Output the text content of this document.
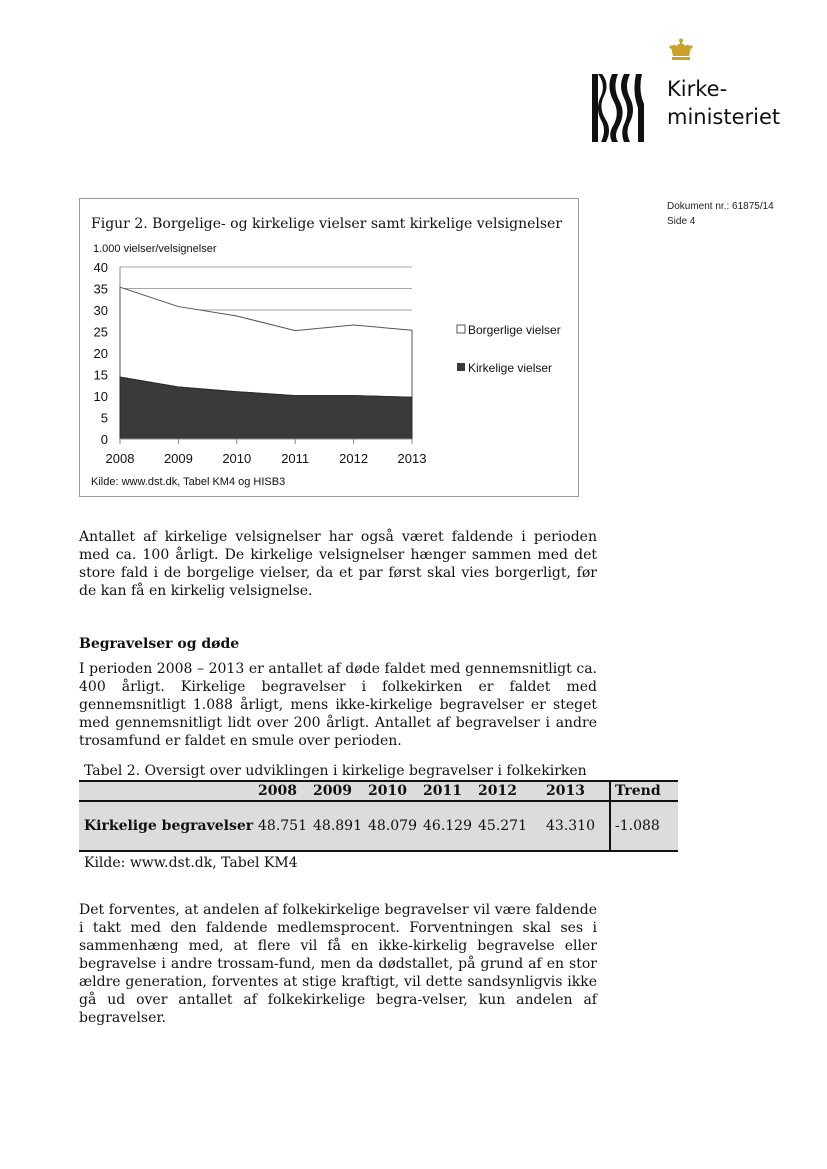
Kirke-
ministeriet
Dokument nr.: 61875/14
Side 4
Figur 2. Borgelige- og kirkelige vielser samt kirkelige velsignelser
1.000 vielser/velsignelser
0
5
10
15
20
25
30
35
40
2008 2009 2010 2011 2012 2013
Borgerlige vielser
Kirkelige vielser
Kilde: www.dst.dk, Tabel KM4 og HISB3
Antallet af kirkelige velsignelser har også været faldende i perioden med ca. 100 årligt. De kirkelige velsignelser hænger sammen med det store fald i de borgelige vielser, da et par først skal vies borgerligt, før de kan få en kirkelig velsignelse.
Begravelser og døde
I perioden 2008 – 2013 er antallet af døde faldet med gennemsnitligt ca. 400 årligt. Kirkelige begravelser i folkekirken er faldet med gennemsnitligt 1.088 årligt, mens ikke-kirkelige begravelser er steget med gennemsnitligt lidt over 200 årligt. Antallet af begravelser i andre trosamfund er faldet en smule over perioden.
Tabel 2. Oversigt over udviklingen i kirkelige begravelser i folkekirken
2008 2009 2010 2011 2012 2013 Trend
Kirkelige begravelser 48.751 48.891 48.079 46.129 45.271 43.310 -1.088
Kilde: www.dst.dk, Tabel KM4
Det forventes, at andelen af folkekirkelige begravelser vil være faldende i takt med den faldende medlemsprocent. Forventningen skal ses i sammenhæng med, at flere vil få en ikke-kirkelig begravelse eller begravelse i andre trossam-fund, men da dødstallet, på grund af en stor ældre generation, forventes at stige kraftigt, vil dette sandsynligvis ikke gå ud over antallet af folkekirkelige begra-velser, kun andelen af begravelser.
